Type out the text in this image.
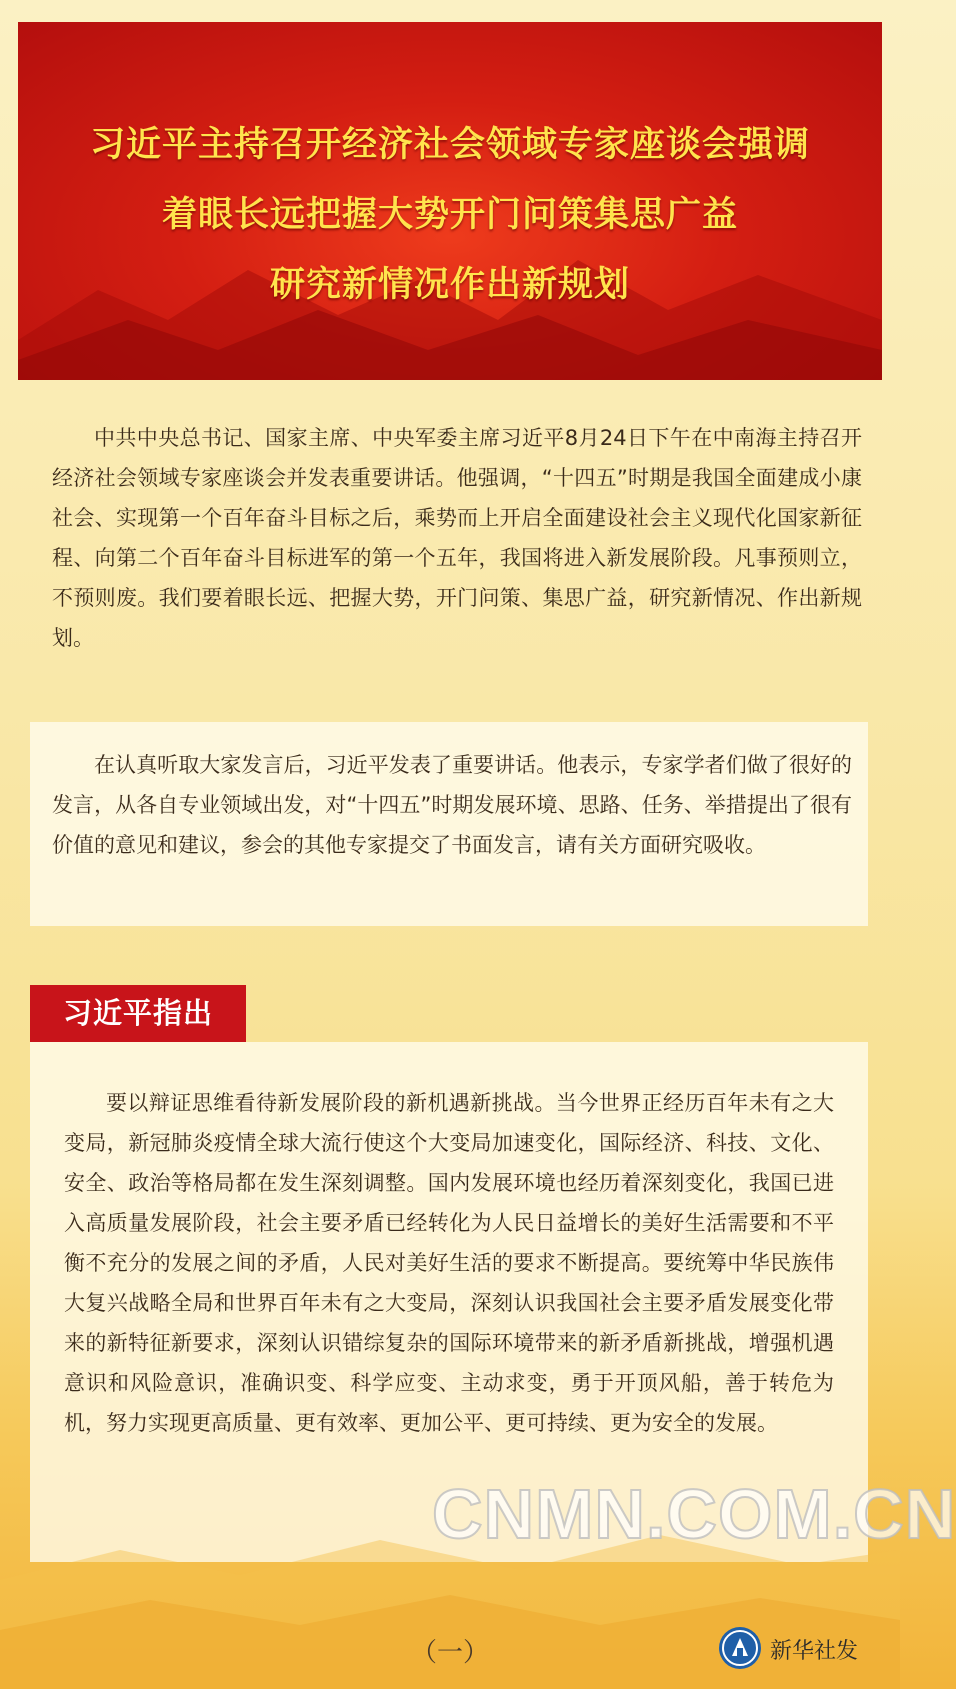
习近平主持召开经济社会领域专家座谈会强调
着眼长远把握大势开门问策集思广益
研究新情况作出新规划
中共中央总书记、国家主席、中央军委主席习近平8月24日下午在中南海主持召开经济社会领域专家座谈会并发表重要讲话。他强调，“十四五”时期是我国全面建成小康社会、实现第一个百年奋斗目标之后，乘势而上开启全面建设社会主义现代化国家新征程、向第二个百年奋斗目标进军的第一个五年，我国将进入新发展阶段。凡事预则立，不预则废。我们要着眼长远、把握大势，开门问策、集思广益，研究新情况、作出新规划。
在认真听取大家发言后，习近平发表了重要讲话。他表示，专家学者们做了很好的发言，从各自专业领域出发，对“十四五”时期发展环境、思路、任务、举措提出了很有价值的意见和建议，参会的其他专家提交了书面发言，请有关方面研究吸收。
习近平指出
要以辩证思维看待新发展阶段的新机遇新挑战。当今世界正经历百年未有之大变局，新冠肺炎疫情全球大流行使这个大变局加速变化，国际经济、科技、文化、安全、政治等格局都在发生深刻调整。国内发展环境也经历着深刻变化，我国已进入高质量发展阶段，社会主要矛盾已经转化为人民日益增长的美好生活需要和不平衡不充分的发展之间的矛盾，人民对美好生活的要求不断提高。要统筹中华民族伟大复兴战略全局和世界百年未有之大变局，深刻认识我国社会主要矛盾发展变化带来的新特征新要求，深刻认识错综复杂的国际环境带来的新矛盾新挑战，增强机遇意识和风险意识，准确识变、科学应变、主动求变，勇于开顶风船，善于转危为机，努力实现更高质量、更有效率、更加公平、更可持续、更为安全的发展。
CNMN.COM.CN
（一）	新华社发
